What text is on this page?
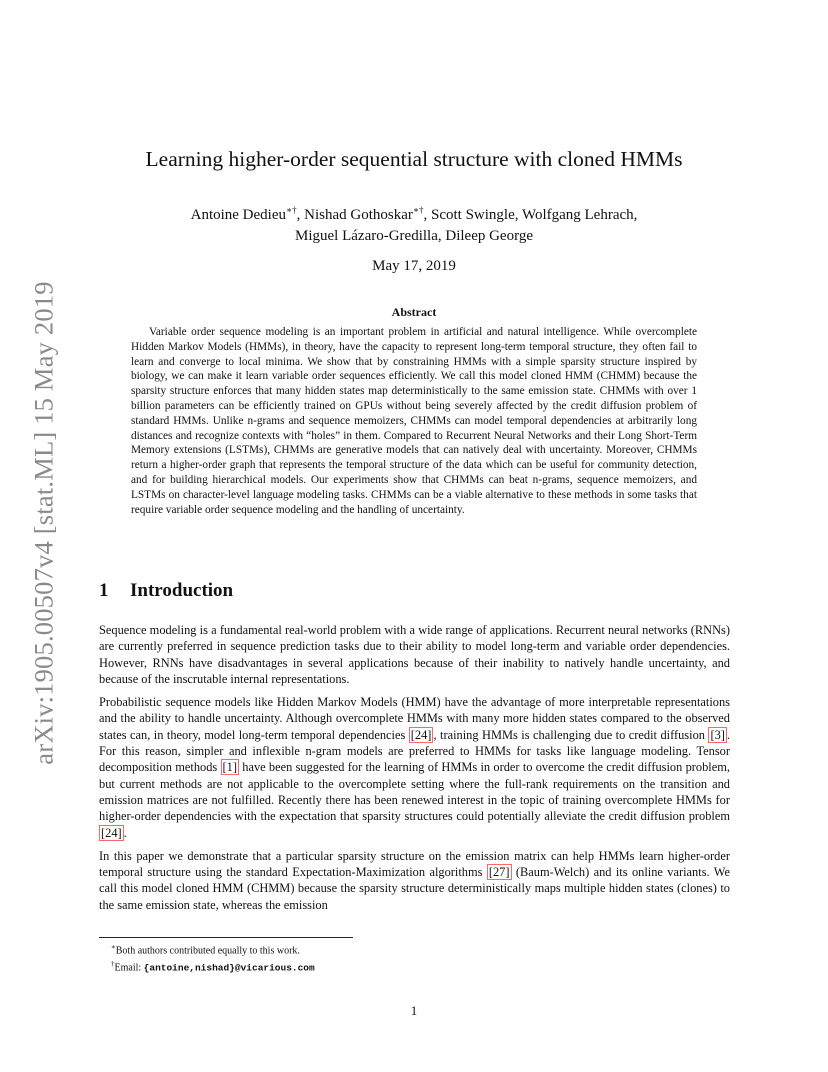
arXiv:1905.00507v4 [stat.ML] 15 May 2019
Learning higher-order sequential structure with cloned HMMs
Antoine Dedieu∗†, Nishad Gothoskar∗†, Scott Swingle, Wolfgang Lehrach,
Miguel Lázaro-Gredilla, Dileep George
May 17, 2019
Abstract

Variable order sequence modeling is an important problem in artificial and natural intelligence. While overcomplete Hidden Markov Models (HMMs), in theory, have the capacity to represent long-term temporal structure, they often fail to learn and converge to local minima. We show that by constraining HMMs with a simple sparsity structure inspired by biology, we can make it learn variable order sequences efficiently. We call this model cloned HMM (CHMM) because the sparsity structure enforces that many hidden states map deterministically to the same emission state. CHMMs with over 1 billion parameters can be efficiently trained on GPUs without being severely affected by the credit diffusion problem of standard HMMs. Unlike n-grams and sequence memoizers, CHMMs can model temporal dependencies at arbitrarily long distances and recognize contexts with “holes” in them. Compared to Recurrent Neural Networks and their Long Short-Term Memory extensions (LSTMs), CHMMs are generative models that can natively deal with uncertainty. Moreover, CHMMs return a higher-order graph that represents the temporal structure of the data which can be useful for community detection, and for building hierarchical models. Our experiments show that CHMMs can beat n-grams, sequence memoizers, and LSTMs on character-level language modeling tasks. CHMMs can be a viable alternative to these methods in some tasks that require variable order sequence modeling and the handling of uncertainty.

1 Introduction

Sequence modeling is a fundamental real-world problem with a wide range of applications. Recurrent neural networks (RNNs) are currently preferred in sequence prediction tasks due to their ability to model long-term and variable order dependencies. However, RNNs have disadvantages in several applications because of their inability to natively handle uncertainty, and because of the inscrutable internal representations.

Probabilistic sequence models like Hidden Markov Models (HMM) have the advantage of more interpretable representations and the ability to handle uncertainty. Although overcomplete HMMs with many more hidden states compared to the observed states can, in theory, model long-term temporal dependencies [24] , training HMMs is challenging due to credit diffusion [3] . For this reason, simpler and inflexible n-gram models are preferred to HMMs for tasks like language modeling. Tensor decomposition methods [1] have been suggested for the learning of HMMs in order to overcome the credit diffusion problem, but current methods are not applicable to the overcomplete setting where the full-rank requirements on the transition and emission matrices are not fulfilled. Recently there has been renewed interest in the topic of training overcomplete HMMs for higher-order dependencies with the expectation that sparsity structures could potentially alleviate the credit diffusion problem [24] .

In this paper we demonstrate that a particular sparsity structure on the emission matrix can help HMMs learn higher-order temporal structure using the standard Expectation-Maximization algorithms [27] (Baum-Welch) and its online variants. We call this model cloned HMM (CHMM) because the sparsity structure deterministically maps multiple hidden states (clones) to the same emission state, whereas the emission

∗Both authors contributed equally to this work.
†Email: {antoine,nishad}@vicarious.com
1
